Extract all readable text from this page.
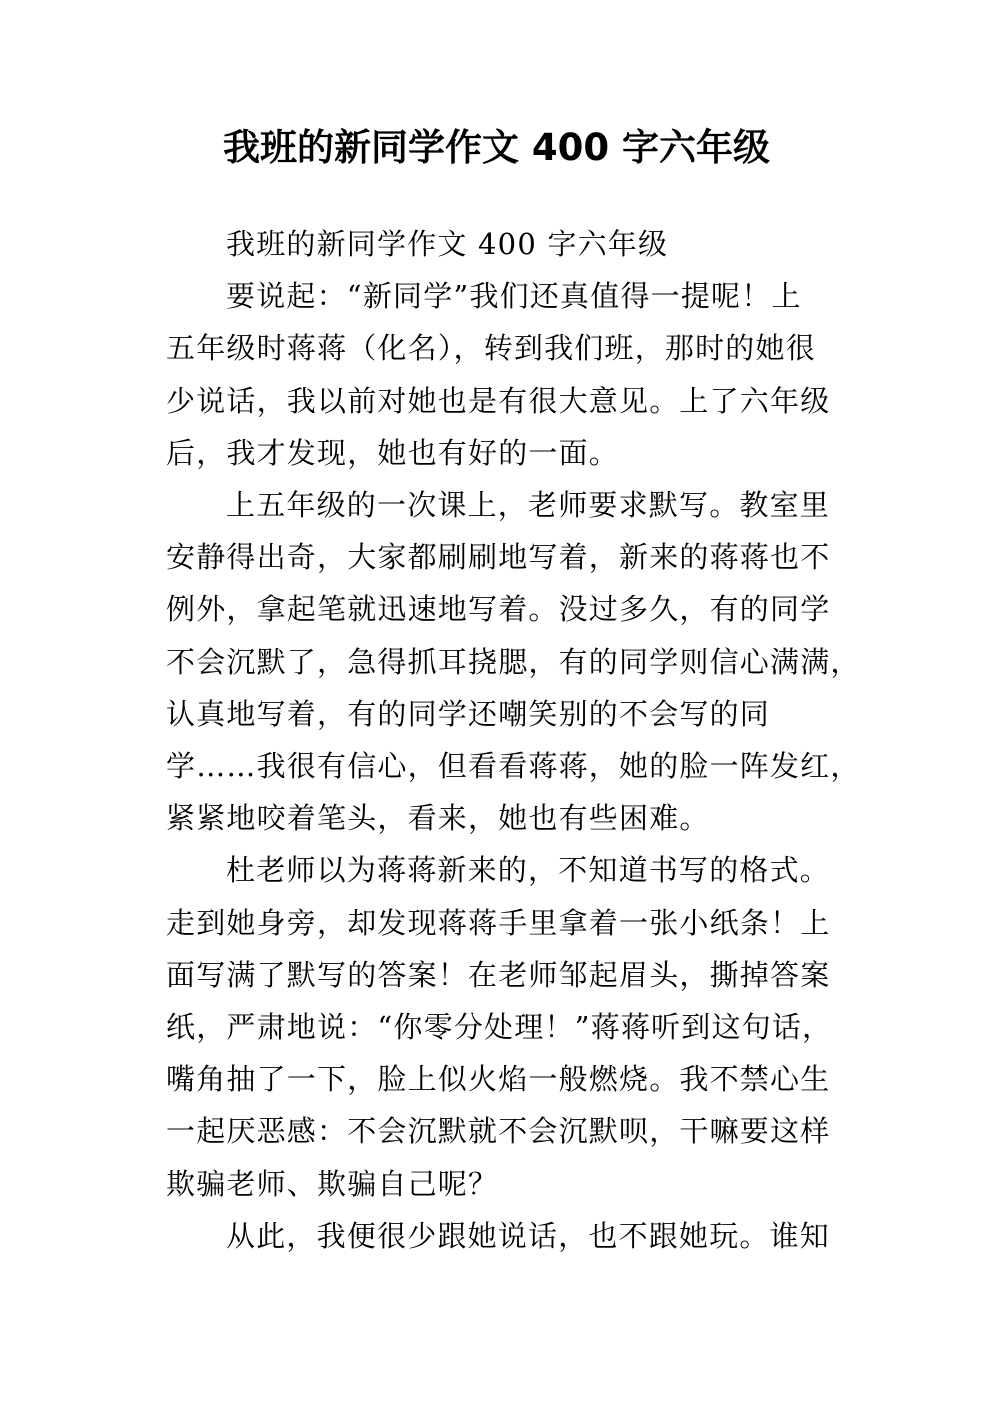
我班的新同学作文 400 字六年级

我班的新同学作文 400 字六年级

要说起：“新同学”我们还真值得一提呢！上
五年级时蒋蒋（化名），转到我们班，那时的她很
少说话，我以前对她也是有很大意见。上了六年级
后，我才发现，她也有好的一面。

上五年级的一次课上，老师要求默写。教室里
安静得出奇，大家都刷刷地写着，新来的蒋蒋也不
例外，拿起笔就迅速地写着。没过多久，有的同学
不会沉默了，急得抓耳挠腮，有的同学则信心满满，
认真地写着，有的同学还嘲笑别的不会写的同
学……我很有信心，但看看蒋蒋，她的脸一阵发红，
紧紧地咬着笔头，看来，她也有些困难。

杜老师以为蒋蒋新来的，不知道书写的格式。
走到她身旁，却发现蒋蒋手里拿着一张小纸条！上
面写满了默写的答案！在老师邹起眉头，撕掉答案
纸，严肃地说：“你零分处理！”蒋蒋听到这句话，
嘴角抽了一下，脸上似火焰一般燃烧。我不禁心生
一起厌恶感：不会沉默就不会沉默呗，干嘛要这样
欺骗老师、欺骗自己呢？

从此，我便很少跟她说话，也不跟她玩。谁知
